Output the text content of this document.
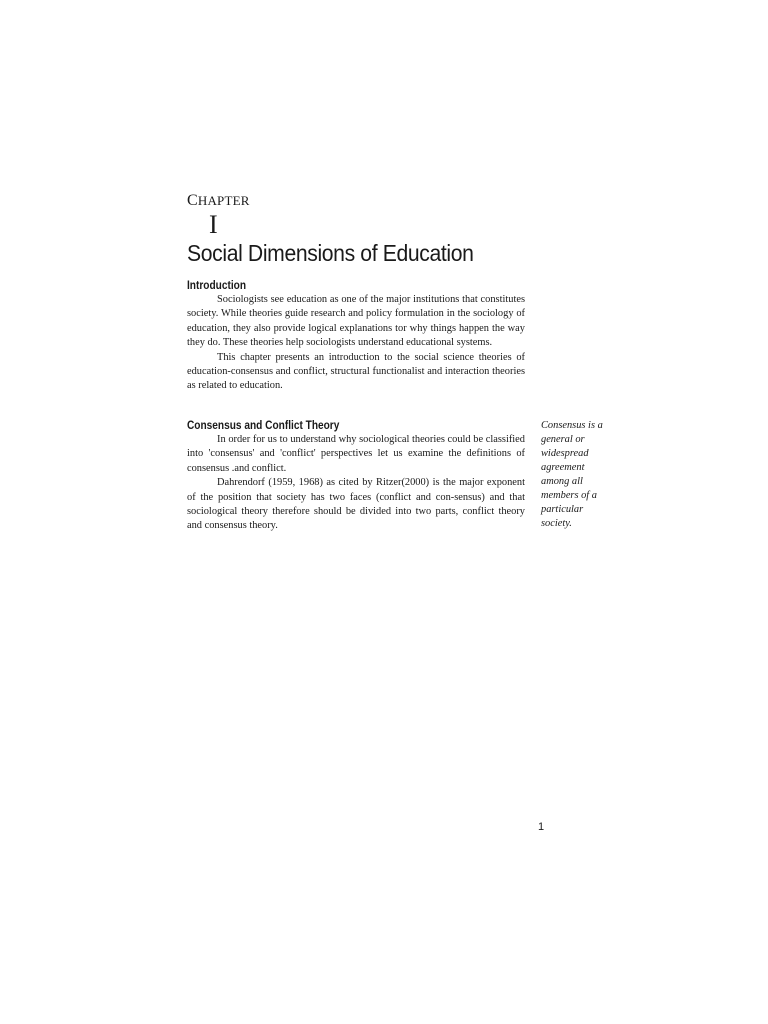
CHAPTER
I
Social Dimensions of Education
Introduction

Sociologists see education as one of the major institutions that constitutes society. While theories guide research and policy formulation in the sociology of education, they also provide logical explanations tor why things happen the way they do. These theories help sociologists understand educational systems.

This chapter presents an introduction to the social science theories of education-consensus and conflict, structural functionalist and interaction theories as related to education.

Consensus and Conflict Theory

In order for us to understand why sociological theories could be classified into 'consensus' and 'conflict' perspectives let us examine the definitions of consensus .and conflict.

Dahrendorf (1959, 1968) as cited by Ritzer(2000) is the major exponent of the position that society has two faces (conflict and con-sensus) and that sociological theory therefore should be divided into two parts, conflict theory and consensus theory.

Consensus is a
general or
widespread
agreement
among all
members of a
particular
society.
1
